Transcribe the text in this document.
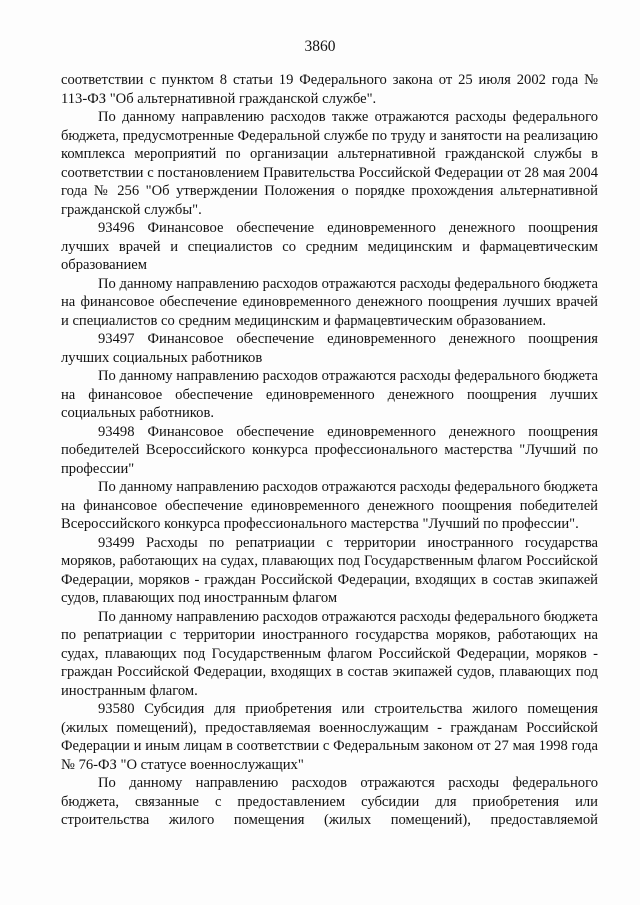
3860

соответствии с пунктом 8 статьи 19 Федерального закона от 25 июля 2002 года № 113-ФЗ "Об альтернативной гражданской службе".

По данному направлению расходов также отражаются расходы федерального бюджета, предусмотренные Федеральной службе по труду и занятости на реализацию комплекса мероприятий по организации альтернативной гражданской службы в соответствии с постановлением Правительства Российской Федерации от 28 мая 2004 года № 256 "Об утверждении Положения о порядке прохождения альтернативной гражданской службы".

93496 Финансовое обеспечение единовременного денежного поощрения лучших врачей и специалистов со средним медицинским и фармацевтическим образованием

По данному направлению расходов отражаются расходы федерального бюджета на финансовое обеспечение единовременного денежного поощрения лучших врачей и специалистов со средним медицинским и фармацевтическим образованием.

93497 Финансовое обеспечение единовременного денежного поощрения лучших социальных работников

По данному направлению расходов отражаются расходы федерального бюджета на финансовое обеспечение единовременного денежного поощрения лучших социальных работников.

93498 Финансовое обеспечение единовременного денежного поощрения победителей Всероссийского конкурса профессионального мастерства "Лучший по профессии"

По данному направлению расходов отражаются расходы федерального бюджета на финансовое обеспечение единовременного денежного поощрения победителей Всероссийского конкурса профессионального мастерства "Лучший по профессии".

93499 Расходы по репатриации с территории иностранного государства моряков, работающих на судах, плавающих под Государственным флагом Российской Федерации, моряков - граждан Российской Федерации, входящих в состав экипажей судов, плавающих под иностранным флагом

По данному направлению расходов отражаются расходы федерального бюджета по репатриации с территории иностранного государства моряков, работающих на судах, плавающих под Государственным флагом Российской Федерации, моряков - граждан Российской Федерации, входящих в состав экипажей судов, плавающих под иностранным флагом.

93580 Субсидия для приобретения или строительства жилого помещения (жилых помещений), предоставляемая военнослужащим - гражданам Российской Федерации и иным лицам в соответствии с Федеральным законом от 27 мая 1998 года № 76-ФЗ "О статусе военнослужащих"

По данному направлению расходов отражаются расходы федерального бюджета, связанные с предоставлением субсидии для приобретения или строительства жилого помещения (жилых помещений), предоставляемой
